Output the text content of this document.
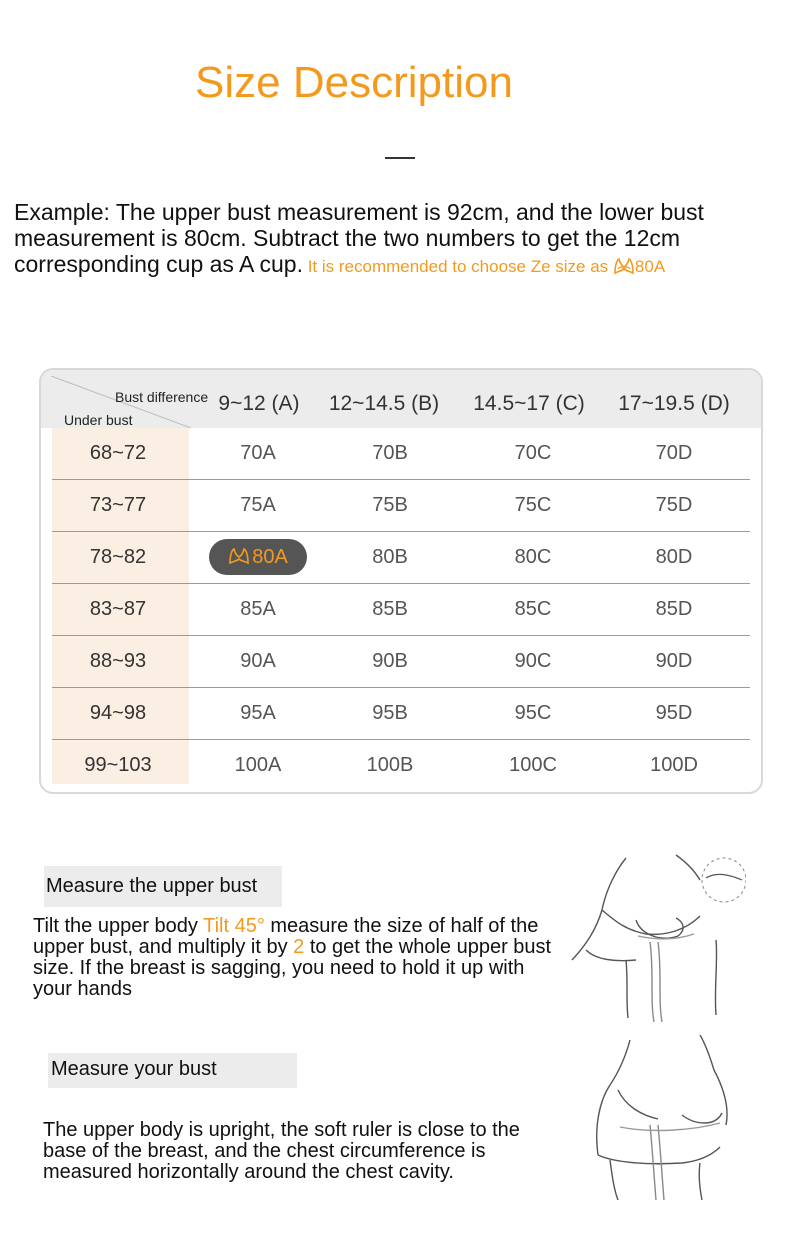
Size Description
Example: The upper bust measurement is 92cm, and the lower bust measurement is 80cm. Subtract the two numbers to get the 12cm corresponding cup as A cup. It is recommended to choose Ze size as 80A
Bust difference
Under bust
9~12 (A)	12~14.5 (B)	14.5~17 (C)	17~19.5 (D)
68~72	70A	70B	70C	70D
73~77	75A	75B	75C	75D
78~82	80A	80B	80C	80D
83~87	85A	85B	85C	85D
88~93	90A	90B	90C	90D
94~98	95A	95B	95C	95D
99~103	100A	100B	100C	100D
Measure the upper bust
Tilt the upper body Tilt 45° measure the size of half of the upper bust, and multiply it by 2 to get the whole upper bust size. If the breast is sagging, you need to hold it up with your hands
Measure your bust
The upper body is upright, the soft ruler is close to the base of the breast, and the chest circumference is measured horizontally around the chest cavity.
